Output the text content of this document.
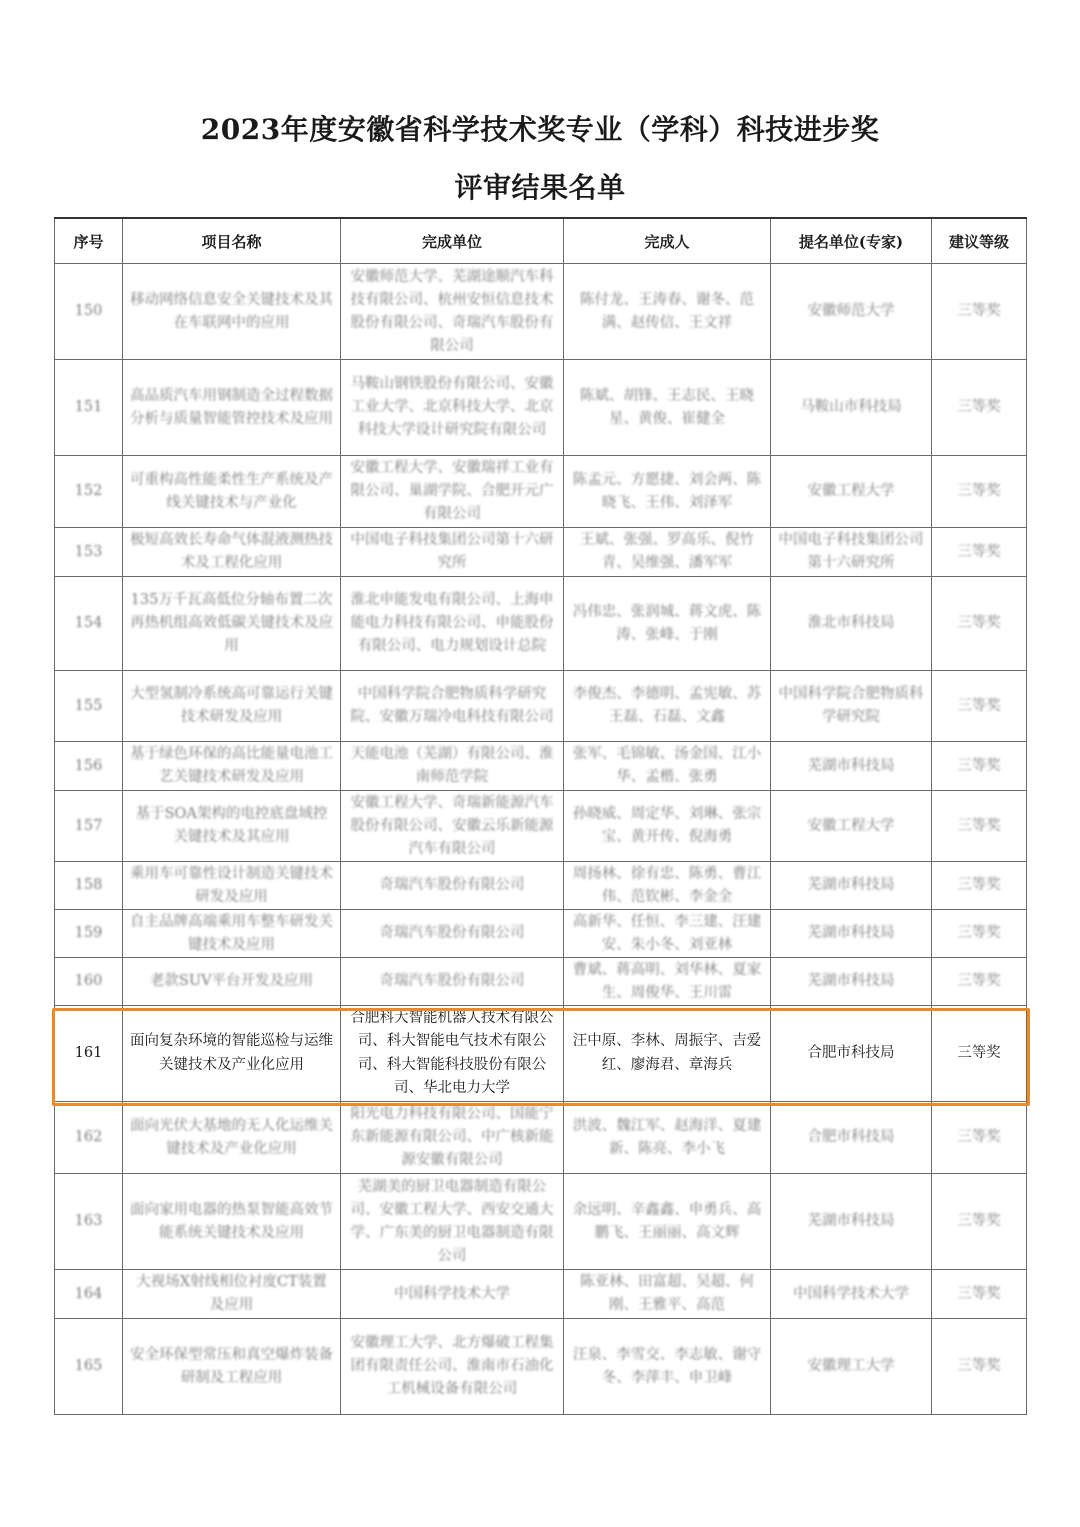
2023年度安徽省科学技术奖专业（学科）科技进步奖
评审结果名单
序号	项目名称	完成单位	完成人	提名单位(专家)	建议等级
150	移动网络信息安全关键技术及其在车联网中的应用	安徽师范大学、芜湖途顺汽车科技有限公司、杭州安恒信息技术股份有限公司、奇瑞汽车股份有限公司	陈付龙、王涛春、谢冬、范满、赵传信、王文祥	安徽师范大学	三等奖
151	高品质汽车用钢制造全过程数据分析与质量智能管控技术及应用	马鞍山钢铁股份有限公司、安徽工业大学、北京科技大学、北京科技大学设计研究院有限公司	陈斌、胡锋、王志民、王晓星、黄俊、崔健全	马鞍山市科技局	三等奖
152	可重构高性能柔性生产系统及产线关键技术与产业化	安徽工程大学、安徽瑞祥工业有限公司、巢湖学院、合肥开元广有限公司	陈孟元、方愿捷、刘会两、陈晓飞、王伟、刘泽军	安徽工程大学	三等奖
153	极短高效长寿命气体混液测热技术及工程化应用	中国电子科技集团公司第十六研究所	王斌、张强、罗高乐、倪竹青、吴维强、潘军军	中国电子科技集团公司第十六研究所	三等奖
154	135万千瓦高低位分轴布置二次再热机组高效低碳关键技术及应用	淮北申能发电有限公司、上海申能电力科技有限公司、申能股份有限公司、电力规划设计总院	冯伟忠、张润城、蒋文虎、陈涛、张峰、于刚	淮北市科技局	三等奖
155	大型氢制冷系统高可靠运行关键技术研发及应用	中国科学院合肥物质科学研究院、安徽万瑞冷电科技有限公司	李俊杰、李德明、孟宪敏、苏王磊、石磊、文鑫	中国科学院合肥物质科学研究院	三等奖
156	基于绿色环保的高比能量电池工艺关键技术研发及应用	天能电池（芜湖）有限公司、淮南师范学院	张军、毛锦敏、汤金国、江小华、孟楷、张勇	芜湖市科技局	三等奖
157	基于SOA架构的电控底盘域控关键技术及其应用	安徽工程大学、奇瑞新能源汽车股份有限公司、安徽云乐新能源汽车有限公司	孙晓威、周定华、刘琳、张宗宝、黄开传、倪海勇	安徽工程大学	三等奖
158	乘用车可靠性设计制造关键技术研发及应用	奇瑞汽车股份有限公司	周扬林、徐有忠、陈勇、曹江伟、范钦彬、李金全	芜湖市科技局	三等奖
159	自主品牌高端乘用车整车研发关键技术及应用	奇瑞汽车股份有限公司	高新华、任恒、李三建、汪建安、朱小冬、刘亚林	芜湖市科技局	三等奖
160	老款SUV平台开发及应用	奇瑞汽车股份有限公司	曹斌、蒋高明、刘华林、夏家生、周俊华、王川雷	芜湖市科技局	三等奖
161	面向复杂环境的智能巡检与运维关键技术及产业化应用	合肥科大智能机器人技术有限公司、科大智能电气技术有限公司、科大智能科技股份有限公司、华北电力大学	汪中原、李林、周振宇、吉爱红、廖海君、章海兵	合肥市科技局	三等奖
162	面向光伏大基地的无人化运维关键技术及产业化应用	阳光电力科技有限公司、国能宁东新能源有限公司、中广核新能源安徽有限公司	洪波、魏江军、赵海洋、夏建新、陈亮、李小飞	合肥市科技局	三等奖
163	面向家用电器的热泵智能高效节能系统关键技术及应用	芜湖美的厨卫电器制造有限公司、安徽工程大学、西安交通大学、广东美的厨卫电器制造有限公司	余远明、辛鑫鑫、申勇兵、高鹏飞、王丽丽、高文辉	芜湖市科技局	三等奖
164	大视场X射线相位衬度CT装置及应用	中国科学技术大学	陈亚林、田富超、吴超、何刚、王雅平、高范	中国科学技术大学	三等奖
165	安全环保型常压和真空爆炸装备研制及工程应用	安徽理工大学、北方爆破工程集团有限责任公司、淮南市石油化工机械设备有限公司	汪泉、李雪交、李志敏、谢守冬、李萍丰、申卫峰	安徽理工大学	三等奖
